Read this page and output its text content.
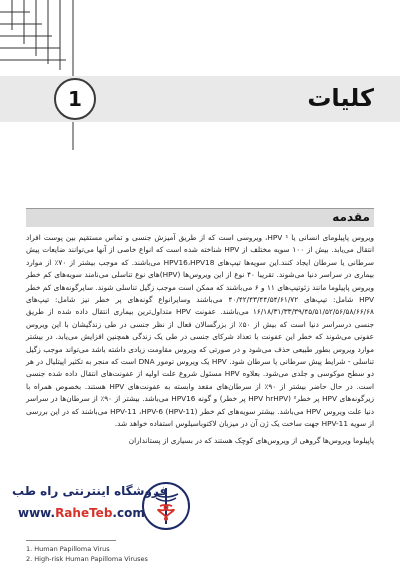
1	کلیات
مقدمه

ویروس پاپیلومای انسانی یا HPV ¹، ویروسی است که از طریق آمیزش جنسی و تماس مستقیم بین پوست افراد انتقال می‌یابد. بیش از ۱۰۰ سویه مختلف از HPV شناخته شده است که انواع خاصی از آنها می‌توانند ضایعات پیش سرطانی یا سرطان ایجاد کنند.این سویه‌ها تیپ‌های HPV16،HPV18 می‌باشند. که موجب بیشتر از ۷۰٪ از موارد بیماری در سراسر دنیا می‌شوند. تقریبا ۴۰ نوع از این ویروس‌ها (HPV)های نوع تناسلی می‌نامند سویه‌های کم خطر ویروس پاپیلوما مانند زئوتیپ‌های ۱۱ و ۶ می‌باشند که ممکن است موجب زگیل تناسلی شوند. سایرگونه‌های کم خطر HPV شامل: تیپ‌های ۴۰/۴۲/۴۳/۴۴/۵۴/۶۱/۷۲ می‌باشند وسایرانواع گونه‌های پر خطر نیز شامل: تیپ‌های ۱۶/۱۸/۳۱/۳۳/۳۹/۴۵/۵۱/۵۲/۵۶/۵۸/۶۶/۶۸ می‌باشند. عفونت HPV متداول‌ترین بیماری انتقال داده شده از طریق جنسی درسراسر دنیا است که بیش از ۵۰٪ از بزرگسالان فعال از نظر جنسی در طی زندگیشان با این ویروس عفونی می‌شوند که خطر این عفونت با تعداد شرکای جنسی در طی یک زندگی همچنین افزایش می‌یابد. در بیشتر موارد ویروس بطور طبیعی حذف می‌شود و در صورتی که ویروس مقاومت زیادی داشته باشد می‌تواند موجب زگیل تناسلی - شرایط پیش سرطانی یا سرطان شود. HPV یک ویروس تومور DNA است که منجر به تکثیر اپیتلیال در هر دو سطح موکوسی و جلدی می‌شود. بعلاوه HPV مسئول شروع علت اولیه از عفونت‌های انتقال داده شده جنسی است. در حال حاضر بیشتر از ۹۰٪ از سرطان‌های مقعد وابسته به عفونت‌های HPV هستند. بخصوص همراه با زیرگونه‌های HPV پر خطر² (HPV hrHPV پر خطر) و گونه HPV16 می‌باشد. بیشتر از ۹۰٪ از سرطان‌ها در سراسر دنیا علت ویروس HPV می‌باشد. بیشتر سویه‌های کم خطر HPV-11 ،HPV-6 (HPV-11) می‌باشند که در این بررسی از سویه HPV-11 جهت ساخت یک ژن آن در میزبان لاکتوباسیلوس استفاده خواهد شد.

پاپیلوما ویروس‌ها گروهی از ویروس‌های کوچک هستند که در بسیاری از پستانداران

1. Human Papilloma Virus
2. High-risk Human Papilloma Viruses
فروشگاه اینترنتی راه طب
www.RaheTeb.com
